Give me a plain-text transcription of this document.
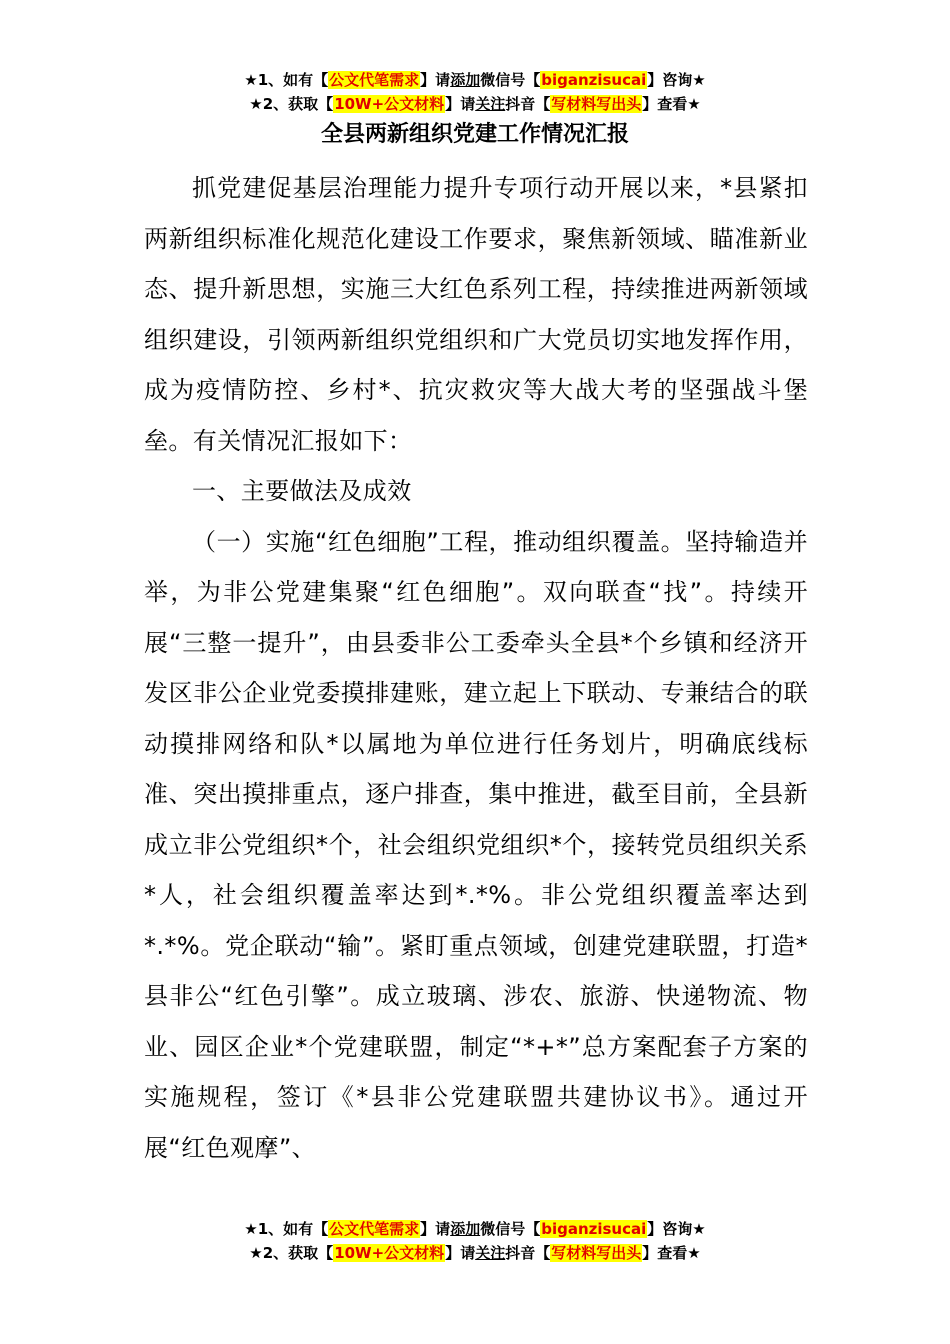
★1、如有【公文代笔需求】请添加微信号【biganzisucai】咨询★
★2、获取【10W+公文材料】请关注抖音【写材料写出头】查看★
全县两新组织党建工作情况汇报

抓党建促基层治理能力提升专项行动开展以来，*县紧扣两新组织标准化规范化建设工作要求，聚焦新领域、瞄准新业态、提升新思想，实施三大红色系列工程，持续推进两新领域组织建设，引领两新组织党组织和广大党员切实地发挥作用，成为疫情防控、乡村*、抗灾救灾等大战大考的坚强战斗堡垒。有关情况汇报如下：

一、主要做法及成效

（一）实施“红色细胞”工程，推动组织覆盖。坚持输造并举，为非公党建集聚“红色细胞”。双向联查“找”。持续开展“三整一提升”，由县委非公工委牵头全县*个乡镇和经济开发区非公企业党委摸排建账，建立起上下联动、专兼结合的联动摸排网络和队*以属地为单位进行任务划片，明确底线标准、突出摸排重点，逐户排查，集中推进，截至目前，全县新成立非公党组织*个，社会组织党组织*个，接转党员组织关系*人，社会组织覆盖率达到*.*%。非公党组织覆盖率达到*.*%。党企联动“输”。紧盯重点领域，创建党建联盟，打造*县非公“红色引擎”。成立玻璃、涉农、旅游、快递物流、物业、园区企业*个党建联盟，制定“*+*”总方案配套子方案的实施规程，签订《*县非公党建联盟共建协议书》。通过开展“红色观摩”、

★1、如有【公文代笔需求】请添加微信号【biganzisucai】咨询★
★2、获取【10W+公文材料】请关注抖音【写材料写出头】查看★
